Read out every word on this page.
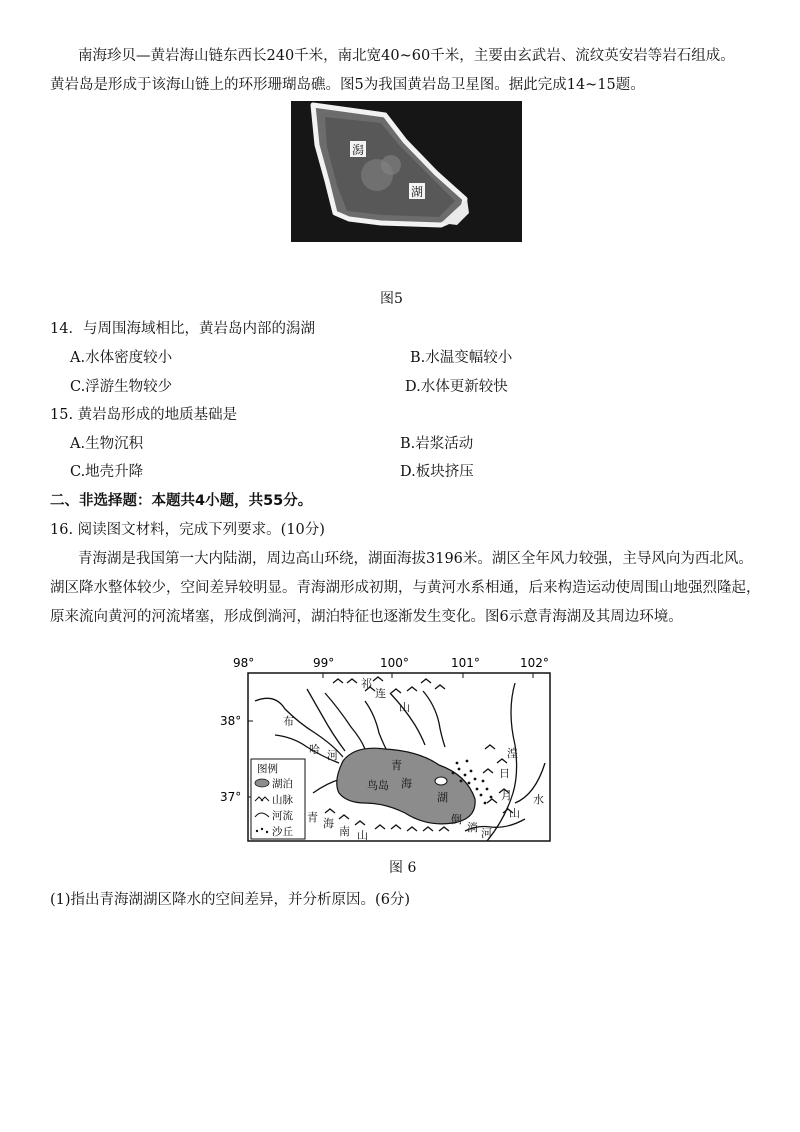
南海珍贝—黄岩海山链东西长240千米，南北宽40~60千米，主要由玄武岩、流纹英安岩等岩石组成。
黄岩岛是形成于该海山链上的环形珊瑚岛礁。图5为我国黄岩岛卫星图。据此完成14~15题。
潟
湖
图5
14．与周围海域相比，黄岩岛内部的潟湖
A.水体密度较小	B.水温变幅较小
C.浮游生物较少	D.水体更新较快
15. 黄岩岛形成的地质基础是
A.生物沉积	B.岩浆活动
C.地壳升降	D.板块挤压
二、非选择题：本题共4小题，共55分。
16. 阅读图文材料，完成下列要求。(10分)
青海湖是我国第一大内陆湖，周边高山环绕，湖面海拔3196米。湖区全年风力较强，主导风向为西北风。湖区降水整体较少，空间差异较明显。青海湖形成初期，与黄河水系相通，后来构造运动使周围山地强烈隆起，原来流向黄河的河流堵塞，形成倒淌河，湖泊特征也逐渐发生变化。图6示意青海湖及其周边环境。
98°	99°	100°	101°	102°
38°
37°
祁
连
山
布
哈 河
青
海
湖
鸟岛
湟
日
月
山
水
青 海
南 山
倒
淌 河
图例
湖泊
山脉
河流
沙丘
图 6
(1)指出青海湖湖区降水的空间差异，并分析原因。(6分)
